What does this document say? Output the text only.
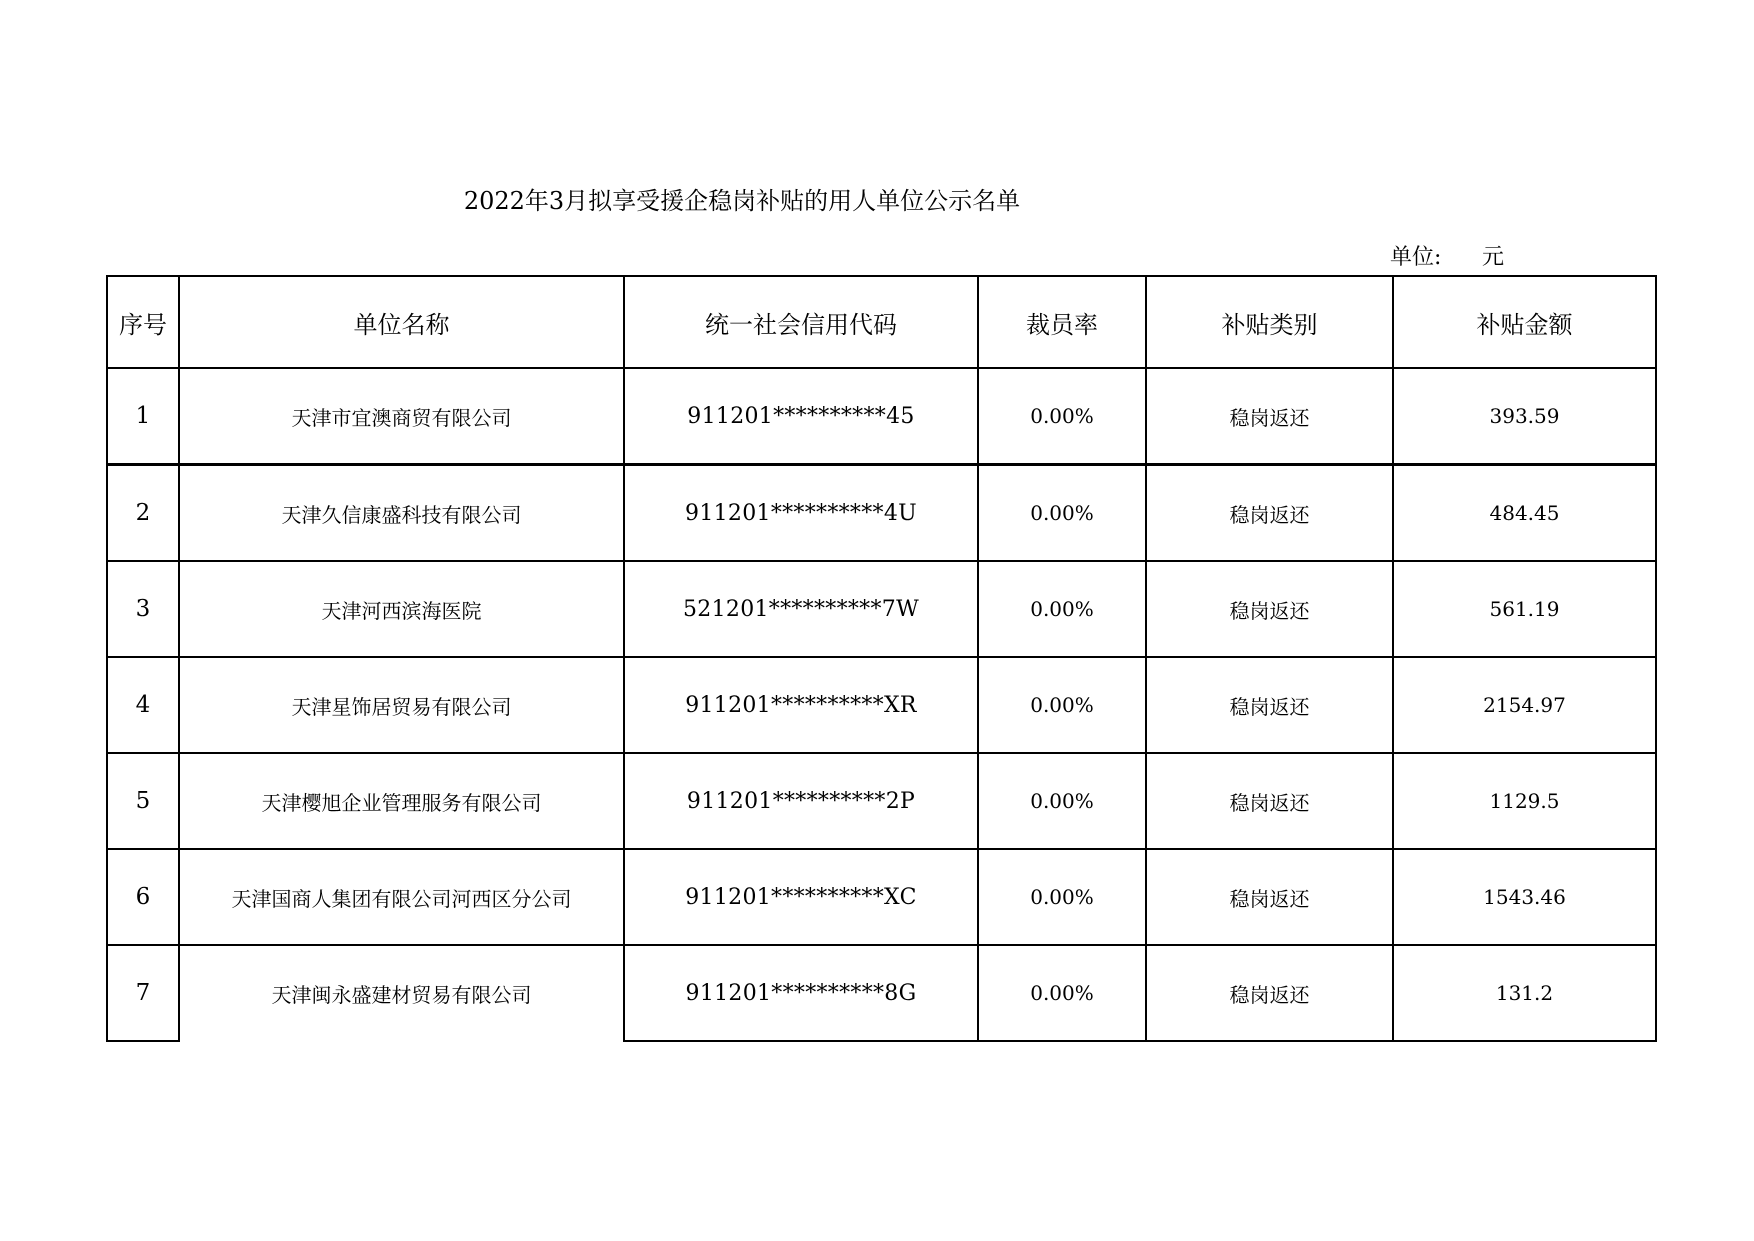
2022年3月拟享受援企稳岗补贴的用人单位公示名单
单位: 元
序号	单位名称	统一社会信用代码	裁员率	补贴类别	补贴金额
1	天津市宜澳商贸有限公司	911201**********45	0.00%	稳岗返还	393.59
2	天津久信康盛科技有限公司	911201**********4U	0.00%	稳岗返还	484.45
3	天津河西滨海医院	521201**********7W	0.00%	稳岗返还	561.19
4	天津星饰居贸易有限公司	911201**********XR	0.00%	稳岗返还	2154.97
5	天津樱旭企业管理服务有限公司	911201**********2P	0.00%	稳岗返还	1129.5
6	天津国商人集团有限公司河西区分公司	911201**********XC	0.00%	稳岗返还	1543.46
7	天津闽永盛建材贸易有限公司	911201**********8G	0.00%	稳岗返还	131.2
